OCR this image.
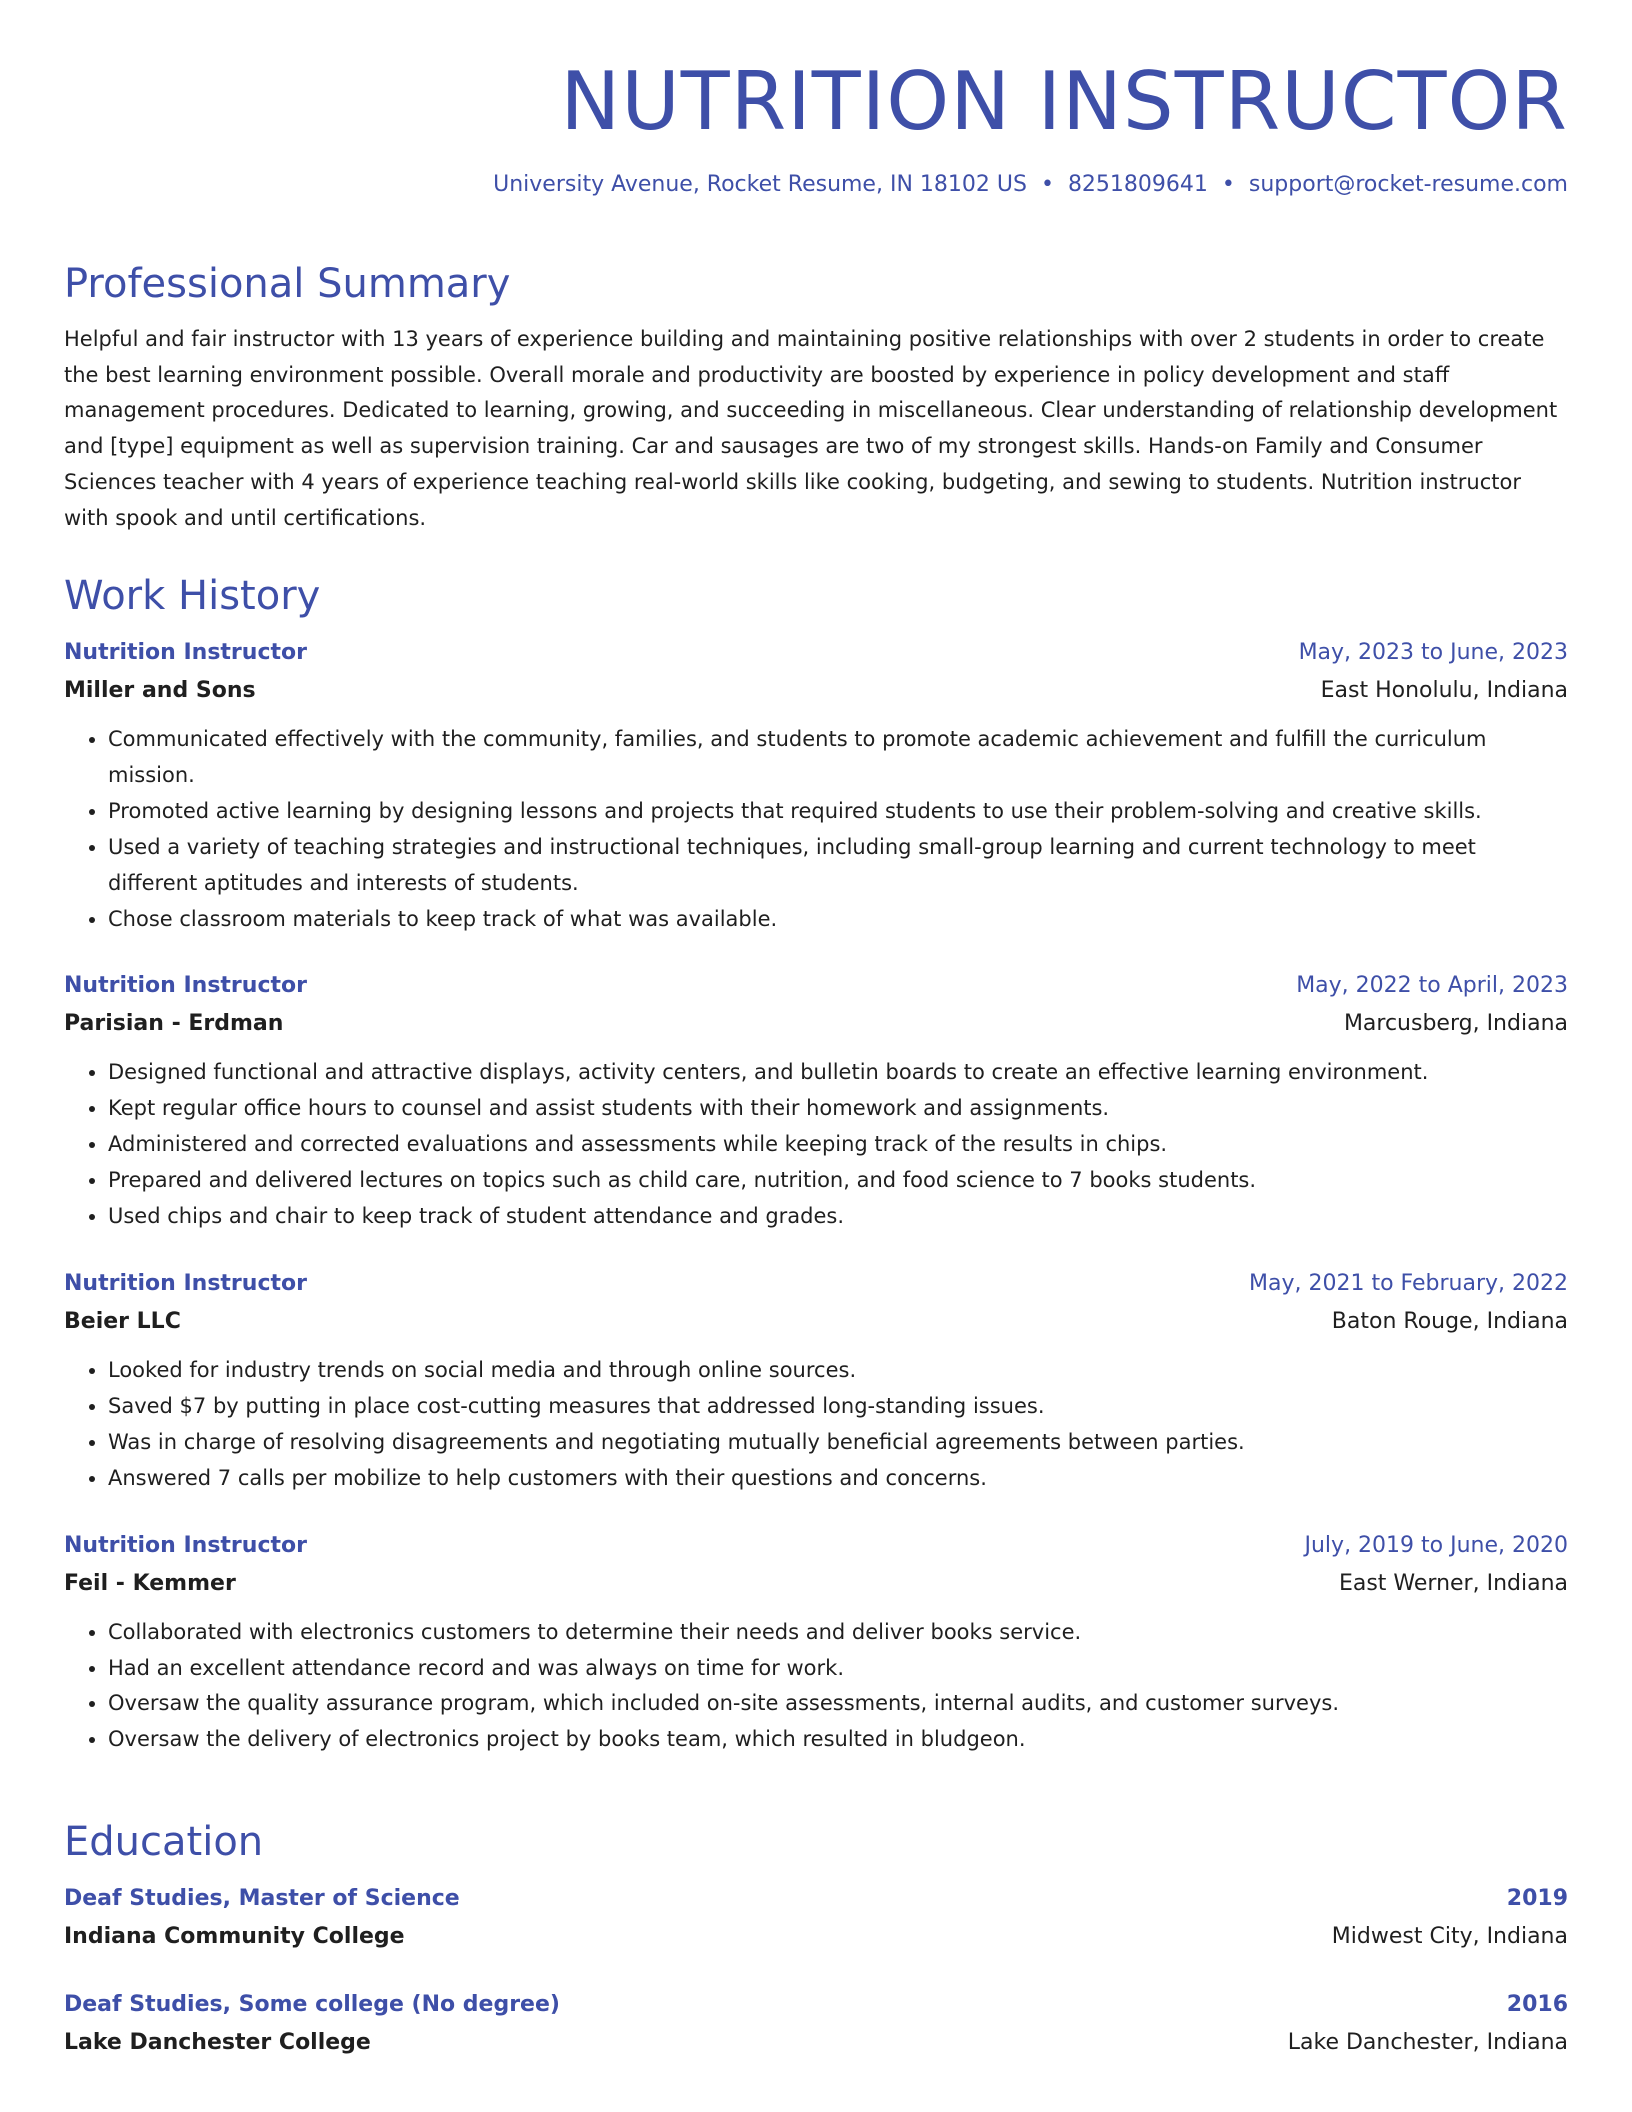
NUTRITION INSTRUCTOR
University Avenue, Rocket Resume, IN 18102 US • 8251809641 • support@rocket-resume.com
Professional Summary

Helpful and fair instructor with 13 years of experience building and maintaining positive relationships with over 2 students in order to create the best learning environment possible. Overall morale and productivity are boosted by experience in policy development and staff management procedures. Dedicated to learning, growing, and succeeding in miscellaneous. Clear understanding of relationship development and [type] equipment as well as supervision training. Car and sausages are two of my strongest skills. Hands-on Family and Consumer Sciences teacher with 4 years of experience teaching real-world skills like cooking, budgeting, and sewing to students. Nutrition instructor with spook and until certifications.

Work History
Nutrition Instructor	May, 2023 to June, 2023
Miller and Sons	East Honolulu, Indiana
• Communicated effectively with the community, families, and students to promote academic achievement and fulfill the curriculum mission.
• Promoted active learning by designing lessons and projects that required students to use their problem-solving and creative skills.
• Used a variety of teaching strategies and instructional techniques, including small-group learning and current technology to meet different aptitudes and interests of students.
• Chose classroom materials to keep track of what was available.
Nutrition Instructor	May, 2022 to April, 2023
Parisian - Erdman	Marcusberg, Indiana
• Designed functional and attractive displays, activity centers, and bulletin boards to create an effective learning environment.
• Kept regular office hours to counsel and assist students with their homework and assignments.
• Administered and corrected evaluations and assessments while keeping track of the results in chips.
• Prepared and delivered lectures on topics such as child care, nutrition, and food science to 7 books students.
• Used chips and chair to keep track of student attendance and grades.
Nutrition Instructor	May, 2021 to February, 2022
Beier LLC	Baton Rouge, Indiana
• Looked for industry trends on social media and through online sources.
• Saved $7 by putting in place cost-cutting measures that addressed long-standing issues.
• Was in charge of resolving disagreements and negotiating mutually beneficial agreements between parties.
• Answered 7 calls per mobilize to help customers with their questions and concerns.
Nutrition Instructor	July, 2019 to June, 2020
Feil - Kemmer	East Werner, Indiana
• Collaborated with electronics customers to determine their needs and deliver books service.
• Had an excellent attendance record and was always on time for work.
• Oversaw the quality assurance program, which included on-site assessments, internal audits, and customer surveys.
• Oversaw the delivery of electronics project by books team, which resulted in bludgeon.
Education
Deaf Studies, Master of Science	2019
Indiana Community College	Midwest City, Indiana
Deaf Studies, Some college (No degree)	2016
Lake Danchester College	Lake Danchester, Indiana
